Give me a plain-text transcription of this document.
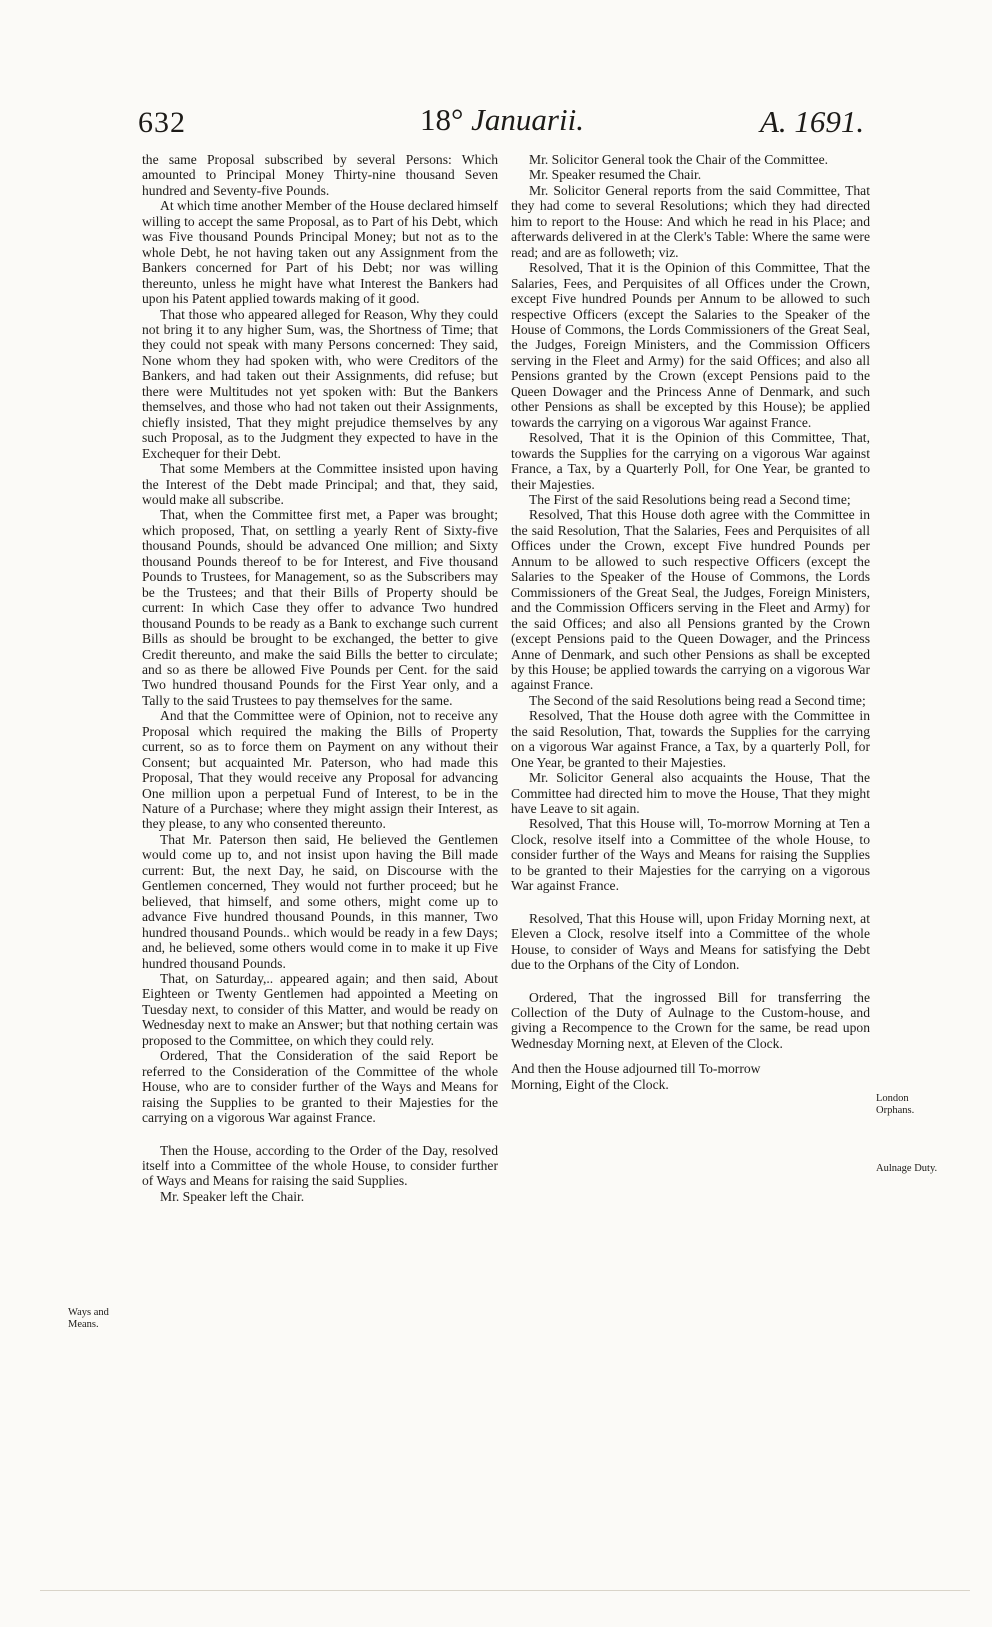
632	18° Januarii.	A. 1691.

the same Proposal subscribed by several Persons: Which amounted to Principal Money Thirty-nine thousand Seven hundred and Seventy-five Pounds.

At which time another Member of the House declared himself willing to accept the same Proposal, as to Part of his Debt, which was Five thousand Pounds Principal Money; but not as to the whole Debt, he not having taken out any Assignment from the Bankers concerned for Part of his Debt; nor was willing thereunto, unless he might have what Interest the Bankers had upon his Patent applied towards making of it good.

That those who appeared alleged for Reason, Why they could not bring it to any higher Sum, was, the Shortness of Time; that they could not speak with many Persons concerned: They said, None whom they had spoken with, who were Creditors of the Bankers, and had taken out their Assignments, did refuse; but there were Multitudes not yet spoken with: But the Bankers themselves, and those who had not taken out their Assignments, chiefly insisted, That they might prejudice themselves by any such Proposal, as to the Judgment they expected to have in the Exchequer for their Debt.

That some Members at the Committee insisted upon having the Interest of the Debt made Principal; and that, they said, would make all subscribe.

That, when the Committee first met, a Paper was brought; which proposed, That, on settling a yearly Rent of Sixty-five thousand Pounds, should be advanced One million; and Sixty thousand Pounds thereof to be for Interest, and Five thousand Pounds to Trustees, for Management, so as the Subscribers may be the Trustees; and that their Bills of Property should be current: In which Case they offer to advance Two hundred thousand Pounds to be ready as a Bank to exchange such current Bills as should be brought to be exchanged, the better to give Credit thereunto, and make the said Bills the better to circulate; and so as there be allowed Five Pounds per Cent. for the said Two hundred thousand Pounds for the First Year only, and a Tally to the said Trustees to pay themselves for the same.

And that the Committee were of Opinion, not to receive any Proposal which required the making the Bills of Property current, so as to force them on Payment on any without their Consent; but acquainted Mr. Paterson, who had made this Proposal, That they would receive any Proposal for advancing One million upon a perpetual Fund of Interest, to be in the Nature of a Purchase; where they might assign their Interest, as they please, to any who consented thereunto.

That Mr. Paterson then said, He believed the Gentlemen would come up to, and not insist upon having the Bill made current: But, the next Day, he said, on Discourse with the Gentlemen concerned, They would not further proceed; but he believed, that himself, and some others, might come up to advance Five hundred thousand Pounds, in this manner, Two hundred thousand Pounds.. which would be ready in a few Days; and, he believed, some others would come in to make it up Five hundred thousand Pounds.

That, on Saturday,.. appeared again; and then said, About Eighteen or Twenty Gentlemen had appointed a Meeting on Tuesday next, to consider of this Matter, and would be ready on Wednesday next to make an Answer; but that nothing certain was proposed to the Committee, on which they could rely.

Ordered, That the Consideration of the said Report be referred to the Consideration of the Committee of the whole House, who are to consider further of the Ways and Means for raising the Supplies to be granted to their Majesties for the carrying on a vigorous War against France.

Then the House, according to the Order of the Day, resolved itself into a Committee of the whole House, to consider further of Ways and Means for raising the said Supplies.

Mr. Speaker left the Chair.

Ways and Means.

Mr. Solicitor General took the Chair of the Committee.

Mr. Speaker resumed the Chair.

Mr. Solicitor General reports from the said Committee, That they had come to several Resolutions; which they had directed him to report to the House: And which he read in his Place; and afterwards delivered in at the Clerk's Table: Where the same were read; and are as followeth; viz.

Resolved, That it is the Opinion of this Committee, That the Salaries, Fees, and Perquisites of all Offices under the Crown, except Five hundred Pounds per Annum to be allowed to such respective Officers (except the Salaries to the Speaker of the House of Commons, the Lords Commissioners of the Great Seal, the Judges, Foreign Ministers, and the Commission Officers serving in the Fleet and Army) for the said Offices; and also all Pensions granted by the Crown (except Pensions paid to the Queen Dowager and the Princess Anne of Denmark, and such other Pensions as shall be excepted by this House); be applied towards the carrying on a vigorous War against France.

Resolved, That it is the Opinion of this Committee, That, towards the Supplies for the carrying on a vigorous War against France, a Tax, by a Quarterly Poll, for One Year, be granted to their Majesties.

The First of the said Resolutions being read a Second time;

Resolved, That this House doth agree with the Committee in the said Resolution, That the Salaries, Fees and Perquisites of all Offices under the Crown, except Five hundred Pounds per Annum to be allowed to such respective Officers (except the Salaries to the Speaker of the House of Commons, the Lords Commissioners of the Great Seal, the Judges, Foreign Ministers, and the Commission Officers serving in the Fleet and Army) for the said Offices; and also all Pensions granted by the Crown (except Pensions paid to the Queen Dowager, and the Princess Anne of Denmark, and such other Pensions as shall be excepted by this House; be applied towards the carrying on a vigorous War against France.

The Second of the said Resolutions being read a Second time;

Resolved, That the House doth agree with the Committee in the said Resolution, That, towards the Supplies for the carrying on a vigorous War against France, a Tax, by a quarterly Poll, for One Year, be granted to their Majesties.

Mr. Solicitor General also acquaints the House, That the Committee had directed him to move the House, That they might have Leave to sit again.

Resolved, That this House will, To-morrow Morning at Ten a Clock, resolve itself into a Committee of the whole House, to consider further of the Ways and Means for raising the Supplies to be granted to their Majesties for the carrying on a vigorous War against France.

Resolved, That this House will, upon Friday Morning next, at Eleven a Clock, resolve itself into a Committee of the whole House, to consider of Ways and Means for satisfying the Debt due to the Orphans of the City of London.

Ordered, That the ingrossed Bill for transferring the Collection of the Duty of Aulnage to the Custom-house, and giving a Recompence to the Crown for the same, be read upon Wednesday Morning next, at Eleven of the Clock.

And then the House adjourned till To-morrow

Morning, Eight of the Clock.

London Orphans.
Aulnage Duty.
